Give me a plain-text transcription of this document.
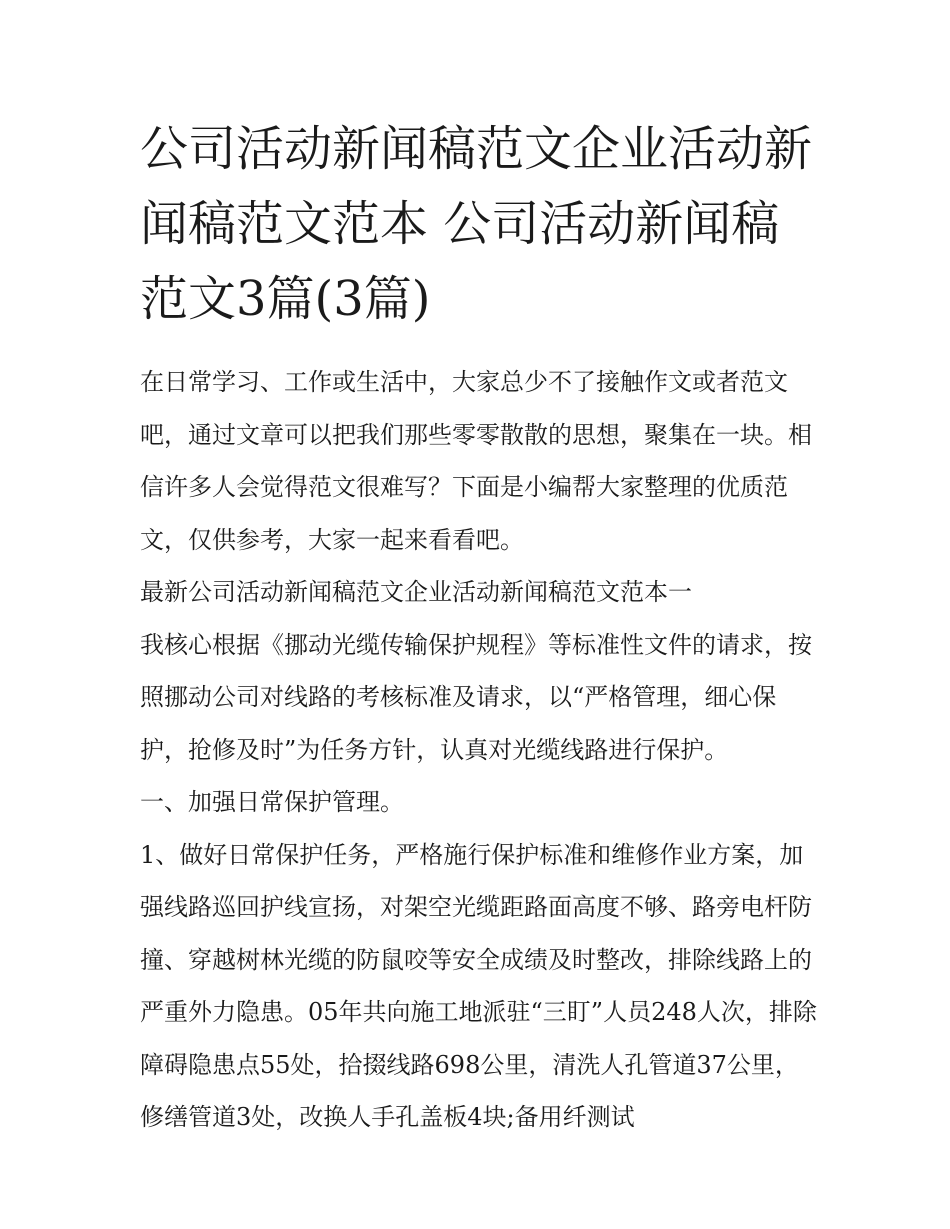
公司活动新闻稿范文企业活动新闻稿范文范本 公司活动新闻稿范文3篇(3篇)

在日常学习、工作或生活中，大家总少不了接触作文或者范文吧，通过文章可以把我们那些零零散散的思想，聚集在一块。相信许多人会觉得范文很难写？下面是小编帮大家整理的优质范文，仅供参考，大家一起来看看吧。

最新公司活动新闻稿范文企业活动新闻稿范文范本一

我核心根据《挪动光缆传输保护规程》等标准性文件的请求，按照挪动公司对线路的考核标准及请求，以“严格管理，细心保护，抢修及时”为任务方针，认真对光缆线路进行保护。

一、加强日常保护管理。

1、做好日常保护任务，严格施行保护标准和维修作业方案，加强线路巡回护线宣扬，对架空光缆距路面高度不够、路旁电杆防撞、穿越树林光缆的防鼠咬等安全成绩及时整改，排除线路上的严重外力隐患。05年共向施工地派驻“三盯”人员248人次，排除障碍隐患点55处，拾掇线路698公里，清洗人孔管道37公里，修缮管道3处，改换人手孔盖板4块;备用纤测试
